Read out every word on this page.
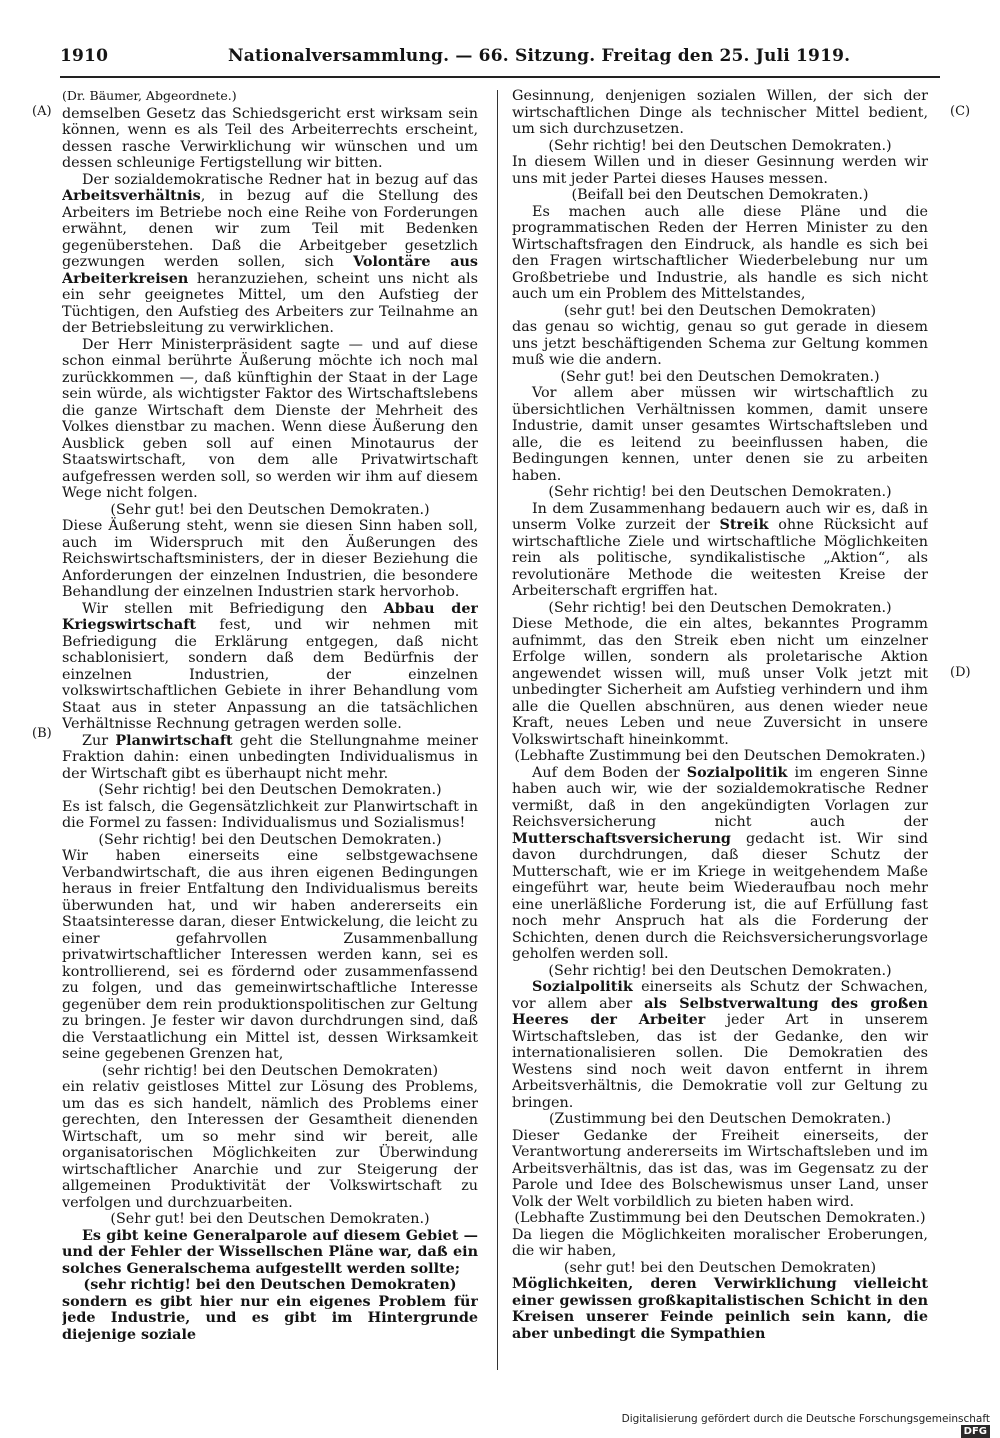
1910	Nationalversammlung. — 66. Sitzung. Freitag den 25. Juli 1919.
(A)
(B)
(C)
(D)

(Dr. Bäumer, Abgeordnete.)

demselben Gesetz das Schiedsgericht erst wirksam sein können, wenn es als Teil des Arbeiterrechts erscheint, dessen rasche Verwirklichung wir wünschen und um dessen schleunige Fertigstellung wir bitten.

Der sozialdemokratische Redner hat in bezug auf das Arbeitsverhältnis, in bezug auf die Stellung des Arbeiters im Betriebe noch eine Reihe von Forderungen erwähnt, denen wir zum Teil mit Bedenken gegenüberstehen. Daß die Arbeitgeber gesetzlich gezwungen werden sollen, sich Volontäre aus Arbeiterkreisen heranzuziehen, scheint uns nicht als ein sehr geeignetes Mittel, um den Aufstieg der Tüchtigen, den Aufstieg des Arbeiters zur Teilnahme an der Betriebsleitung zu verwirklichen.

Der Herr Ministerpräsident sagte — und auf diese schon einmal berührte Äußerung möchte ich noch mal zurückkommen —, daß künftighin der Staat in der Lage sein würde, als wichtigster Faktor des Wirtschaftslebens die ganze Wirtschaft dem Dienste der Mehrheit des Volkes dienstbar zu machen. Wenn diese Äußerung den Ausblick geben soll auf einen Minotaurus der Staatswirtschaft, von dem alle Privatwirtschaft aufgefressen werden soll, so werden wir ihm auf diesem Wege nicht folgen.

(Sehr gut! bei den Deutschen Demokraten.)

Diese Äußerung steht, wenn sie diesen Sinn haben soll, auch im Widerspruch mit den Äußerungen des Reichswirtschaftsministers, der in dieser Beziehung die Anforderungen der einzelnen Industrien, die besondere Behandlung der einzelnen Industrien stark hervorhob.

Wir stellen mit Befriedigung den Abbau der Kriegswirtschaft fest, und wir nehmen mit Befriedigung die Erklärung entgegen, daß nicht schablonisiert, sondern daß dem Bedürfnis der einzelnen Industrien, der einzelnen volkswirtschaftlichen Gebiete in ihrer Behandlung vom Staat aus in steter Anpassung an die tatsächlichen Verhältnisse Rechnung getragen werden solle.

Zur Planwirtschaft geht die Stellungnahme meiner Fraktion dahin: einen unbedingten Individualismus in der Wirtschaft gibt es überhaupt nicht mehr.

(Sehr richtig! bei den Deutschen Demokraten.)

Es ist falsch, die Gegensätzlichkeit zur Planwirtschaft in die Formel zu fassen: Individualismus und Sozialismus!

(Sehr richtig! bei den Deutschen Demokraten.)

Wir haben einerseits eine selbstgewachsene Verbandwirtschaft, die aus ihren eigenen Bedingungen heraus in freier Entfaltung den Individualismus bereits überwunden hat, und wir haben andererseits ein Staatsinteresse daran, dieser Entwickelung, die leicht zu einer gefahrvollen Zusammenballung privatwirtschaftlicher Interessen werden kann, sei es kontrollierend, sei es fördernd oder zusammenfassend zu folgen, und das gemeinwirtschaftliche Interesse gegenüber dem rein produktionspolitischen zur Geltung zu bringen. Je fester wir davon durchdrungen sind, daß die Verstaatlichung ein Mittel ist, dessen Wirksamkeit seine gegebenen Grenzen hat,

(sehr richtig! bei den Deutschen Demokraten)

ein relativ geistloses Mittel zur Lösung des Problems, um das es sich handelt, nämlich des Problems einer gerechten, den Interessen der Gesamtheit dienenden Wirtschaft, um so mehr sind wir bereit, alle organisatorischen Möglichkeiten zur Überwindung wirtschaftlicher Anarchie und zur Steigerung der allgemeinen Produktivität der Volkswirtschaft zu verfolgen und durchzuarbeiten.

(Sehr gut! bei den Deutschen Demokraten.)

Es gibt keine Generalparole auf diesem Gebiet — und der Fehler der Wissellschen Pläne war, daß ein solches Generalschema aufgestellt werden sollte;

(sehr richtig! bei den Deutschen Demokraten)

sondern es gibt hier nur ein eigenes Problem für jede Industrie, und es gibt im Hintergrunde diejenige soziale

Gesinnung, denjenigen sozialen Willen, der sich der wirtschaftlichen Dinge als technischer Mittel bedient, um sich durchzusetzen.

(Sehr richtig! bei den Deutschen Demokraten.)

In diesem Willen und in dieser Gesinnung werden wir uns mit jeder Partei dieses Hauses messen.

(Beifall bei den Deutschen Demokraten.)

Es machen auch alle diese Pläne und die programmatischen Reden der Herren Minister zu den Wirtschaftsfragen den Eindruck, als handle es sich bei den Fragen wirtschaftlicher Wiederbelebung nur um Großbetriebe und Industrie, als handle es sich nicht auch um ein Problem des Mittelstandes,

(sehr gut! bei den Deutschen Demokraten)

das genau so wichtig, genau so gut gerade in diesem uns jetzt beschäftigenden Schema zur Geltung kommen muß wie die andern.

(Sehr gut! bei den Deutschen Demokraten.)

Vor allem aber müssen wir wirtschaftlich zu übersichtlichen Verhältnissen kommen, damit unsere Industrie, damit unser gesamtes Wirtschaftsleben und alle, die es leitend zu beeinflussen haben, die Bedingungen kennen, unter denen sie zu arbeiten haben.

(Sehr richtig! bei den Deutschen Demokraten.)

In dem Zusammenhang bedauern auch wir es, daß in unserm Volke zurzeit der Streik ohne Rücksicht auf wirtschaftliche Ziele und wirtschaftliche Möglichkeiten rein als politische, syndikalistische „Aktion“, als revolutionäre Methode die weitesten Kreise der Arbeiterschaft ergriffen hat.

(Sehr richtig! bei den Deutschen Demokraten.)

Diese Methode, die ein altes, bekanntes Programm aufnimmt, das den Streik eben nicht um einzelner Erfolge willen, sondern als proletarische Aktion angewendet wissen will, muß unser Volk jetzt mit unbedingter Sicherheit am Aufstieg verhindern und ihm alle die Quellen abschnüren, aus denen wieder neue Kraft, neues Leben und neue Zuversicht in unsere Volkswirtschaft hineinkommt.

(Lebhafte Zustimmung bei den Deutschen Demokraten.)

Auf dem Boden der Sozialpolitik im engeren Sinne haben auch wir, wie der sozialdemokratische Redner vermißt, daß in den angekündigten Vorlagen zur Reichsversicherung nicht auch der Mutterschaftsversicherung gedacht ist. Wir sind davon durchdrungen, daß dieser Schutz der Mutterschaft, wie er im Kriege in weitgehendem Maße eingeführt war, heute beim Wiederaufbau noch mehr eine unerläßliche Forderung ist, die auf Erfüllung fast noch mehr Anspruch hat als die Forderung der Schichten, denen durch die Reichsversicherungsvorlage geholfen werden soll.

(Sehr richtig! bei den Deutschen Demokraten.)

Sozialpolitik einerseits als Schutz der Schwachen, vor allem aber als Selbstverwaltung des großen Heeres der Arbeiter jeder Art in unserem Wirtschaftsleben, das ist der Gedanke, den wir internationalisieren sollen. Die Demokratien des Westens sind noch weit davon entfernt in ihrem Arbeitsverhältnis, die Demokratie voll zur Geltung zu bringen.

(Zustimmung bei den Deutschen Demokraten.)

Dieser Gedanke der Freiheit einerseits, der Verantwortung andererseits im Wirtschaftsleben und im Arbeitsverhältnis, das ist das, was im Gegensatz zu der Parole und Idee des Bolschewismus unser Land, unser Volk der Welt vorbildlich zu bieten haben wird.

(Lebhafte Zustimmung bei den Deutschen Demokraten.)

Da liegen die Möglichkeiten moralischer Eroberungen, die wir haben,

(sehr gut! bei den Deutschen Demokraten)

Möglichkeiten, deren Verwirklichung vielleicht einer gewissen großkapitalistischen Schicht in den Kreisen unserer Feinde peinlich sein kann, die aber unbedingt die Sympathien

Digitalisierung gefördert durch die Deutsche Forschungsgemeinschaft DFG
